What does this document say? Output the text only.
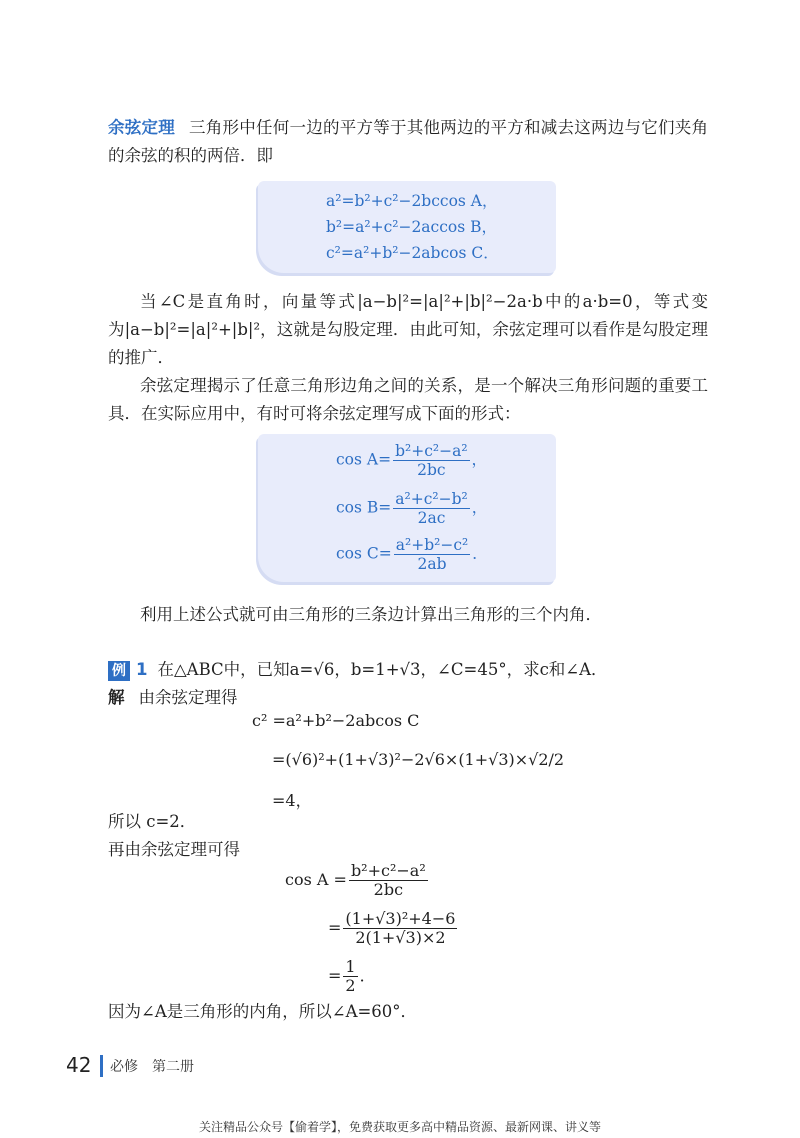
余弦定理 三角形中任何一边的平方等于其他两边的平方和减去这两边与它们夹角的余弦的积的两倍．即

a²=b²+c²−2bccos A，
b²=a²+c²−2accos B，
c²=a²+b²−2abcos C．

当∠C是直角时，向量等式|a−b|²=|a|²+|b|²−2a·b中的a·b=0，等式变为|a−b|²=|a|²+|b|²，这就是勾股定理．由此可知，余弦定理可以看作是勾股定理的推广．

余弦定理揭示了任意三角形边角之间的关系，是一个解决三角形问题的重要工具．在实际应用中，有时可将余弦定理写成下面的形式：

$\cos A= \frac{\text{b²+c²−a²}}{2bc}$ ，
$\cos B= \frac{\text{a²+c²−b²}}{2ac}$ ，
$\cos C= \frac{\text{a²+b²−c²}}{2ab}$ ．

利用上述公式就可由三角形的三条边计算出三角形的三个内角．

例 1 在△ABC中，已知a=√6，b=1+√3，∠C=45°，求c和∠A．
解 由余弦定理得
c² =a²+b²−2abcos C
=(√6)²+(1+√3)²−2√6×(1+√3)×√2/2
=4，
所以 c=2．
再由余弦定理可得
$\cos A = \frac{\text{b²+c²−a²}}{2bc}$
= $\frac{\text{(1+√3)²+4−6}}{2(1+√3)\times 2}$
= $\frac{1}{2}$ ．
因为∠A是三角形的内角，所以∠A=60°．
42 必修　第二册
关注精品公众号【偷着学】，免费获取更多高中精品资源、最新网课、讲义等
